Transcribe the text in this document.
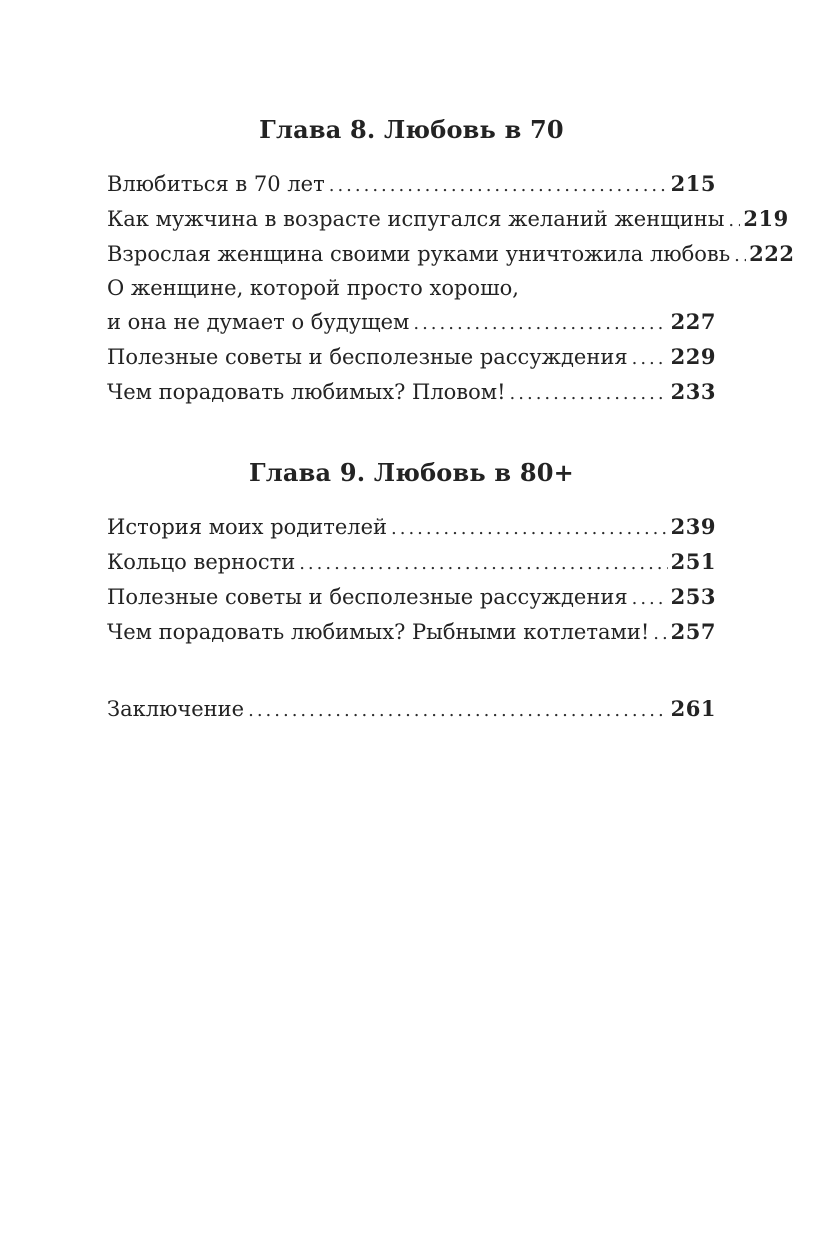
Глава 8. Любовь в 70
Влюбиться в 70 лет .....	215
Как мужчина в возрасте испугался желаний женщины ..... 219
Взрослая женщина своими руками уничтожила любовь ..... 222
О женщине, которой просто хорошо,
и она не думает о будущем .....	227
Полезные советы и бесполезные рассуждения ..... 229
Чем порадовать любимых? Пловом! .....	233
Глава 9. Любовь в 80+
История моих родителей .....	239
Кольцо верности .....	251
Полезные советы и бесполезные рассуждения ..... 253
Чем порадовать любимых? Рыбными котлетами! ..... 257
Заключение .....	261
